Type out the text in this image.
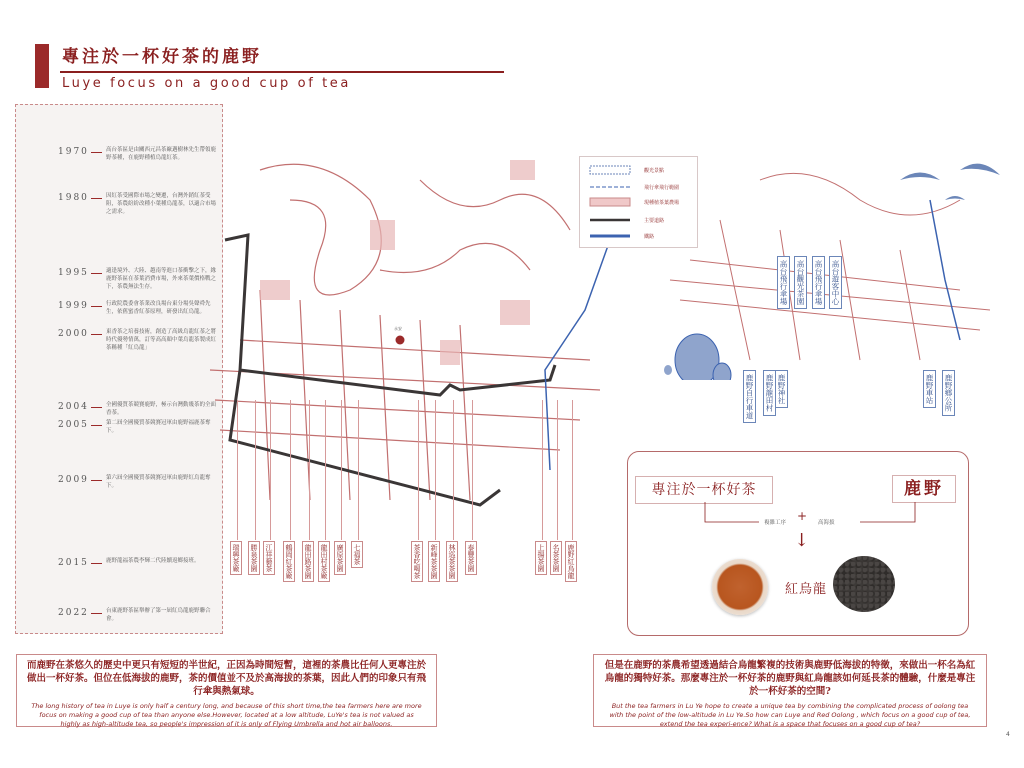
專注於一杯好茶的鹿野
Luye focus on a good cup of tea
1970	高台茶區是由關西元昌茶廠邁樹林先生帶領鹿野茶種，在鹿野種植烏龍紅茶。
1980	因紅茶受國際市場之變遷，台灣外銷紅茶受阻，茶農紛紛改種小葉種烏龍茶，以適合市場之需求。
1995	適逢境外、大陸、越南等進口茶衝擊之下，緣鹿野茶區在茶葉消費市場，外來茶葉價格戰之下，茶農無法生存。
1999	行政院農委會茶業改良場台東分場吳聲舜先生，依舊蜜香紅茶原理，研發出紅烏龍。
2000	東香茶之培養技術，創造了高級烏龍紅茶之將時代優勢情萬，訂等高高顏中葉烏龍茶製成紅茶稱種「紅烏龍」
2004	全國優質茶競賽鹿野，極示台灣動幾茶的全面香茶。
2005	第二屆全國優質茶競賽冠軍由鹿野福鹿茶奪下。
2009	第六屆全國優質茶競賽冠軍由鹿野紅烏龍奪下。
2015	鹿野龍福茶農李輝二代陸續返鄉接班。
2022	台東鹿野茶區舉辦了第一屆紅烏龍鹿野聯合會。
永安
瑞興茶廠 勝泉茶園 江祥藝茶 鶴岡紅茶廠 龍田路茶園 龍田村茶廠 廣原茶園 七福茶	茶香吃喝茶 新峰茶茶園 林巡茶茶園 泰豐茶園	上揚茶園 名茶茶園 鹿野紅烏龍
觀光景點
飛行傘飛行範圍
現種植茶葉農場
主要道路
鐵路
高台飛行傘場 高台觀光茶園 高台飛行傘場 高台遊客中心
鹿野自行車道 鹿野龍田村 鹿野神社	鹿野車站 鹿野鄉公所
專注於一杯好茶	鹿野
複雜工序 + 高海拔
↓
紅烏龍
而鹿野在茶悠久的歷史中更只有短短的半世紀，正因為時間短暫，這裡的茶農比任何人更專注於做出一杯好茶。但位在低海拔的鹿野，茶的價值並不及於高海拔的茶葉，因此人們的印象只有飛行傘與熱氣球。
The long history of tea in Luye is only half a century long, and because of this short time,the tea farmers here are more focus on making a good cup of tea than anyone else.However, located at a low altitude, LuYe's tea is not valued as highly as high-altitude tea, so people's impression of it is only of Flying Umbrella and hot air balloons.
但是在鹿野的茶農希望透過結合烏龍繁複的技術與鹿野低海拔的特徵，來做出一杯名為紅烏龍的獨特好茶。那麼專注於一杯好茶的鹿野與紅烏龍該如何延長茶的體驗，什麼是專注於一杯好茶的空間?
But the tea farmers in Lu Ye hope to create a unique tea by combining the complicated process of oolong tea with the point of the low-altitude in Lu Ye.So how can Luye and Red Oolong , which focus on a good cup of tea, extend the tea experi-ence? What is a space that focuses on a good cup of tea?
4
